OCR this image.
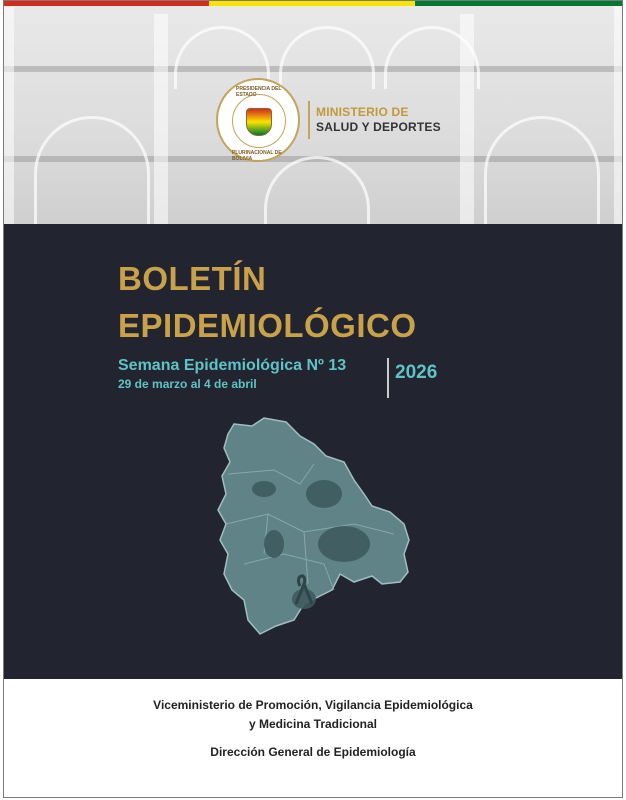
PRESIDENCIA DEL ESTADO
PLURINACIONAL DE BOLIVIA
MINISTERIO DE
SALUD Y DEPORTES
BOLETÍN
EPIDEMIOLÓGICO
Semana Epidemiológica Nº 13
29 de marzo al 4 de abril
2026
Viceministerio de Promoción, Vigilancia Epidemiológica
y Medicina Tradicional
Dirección General de Epidemiología
